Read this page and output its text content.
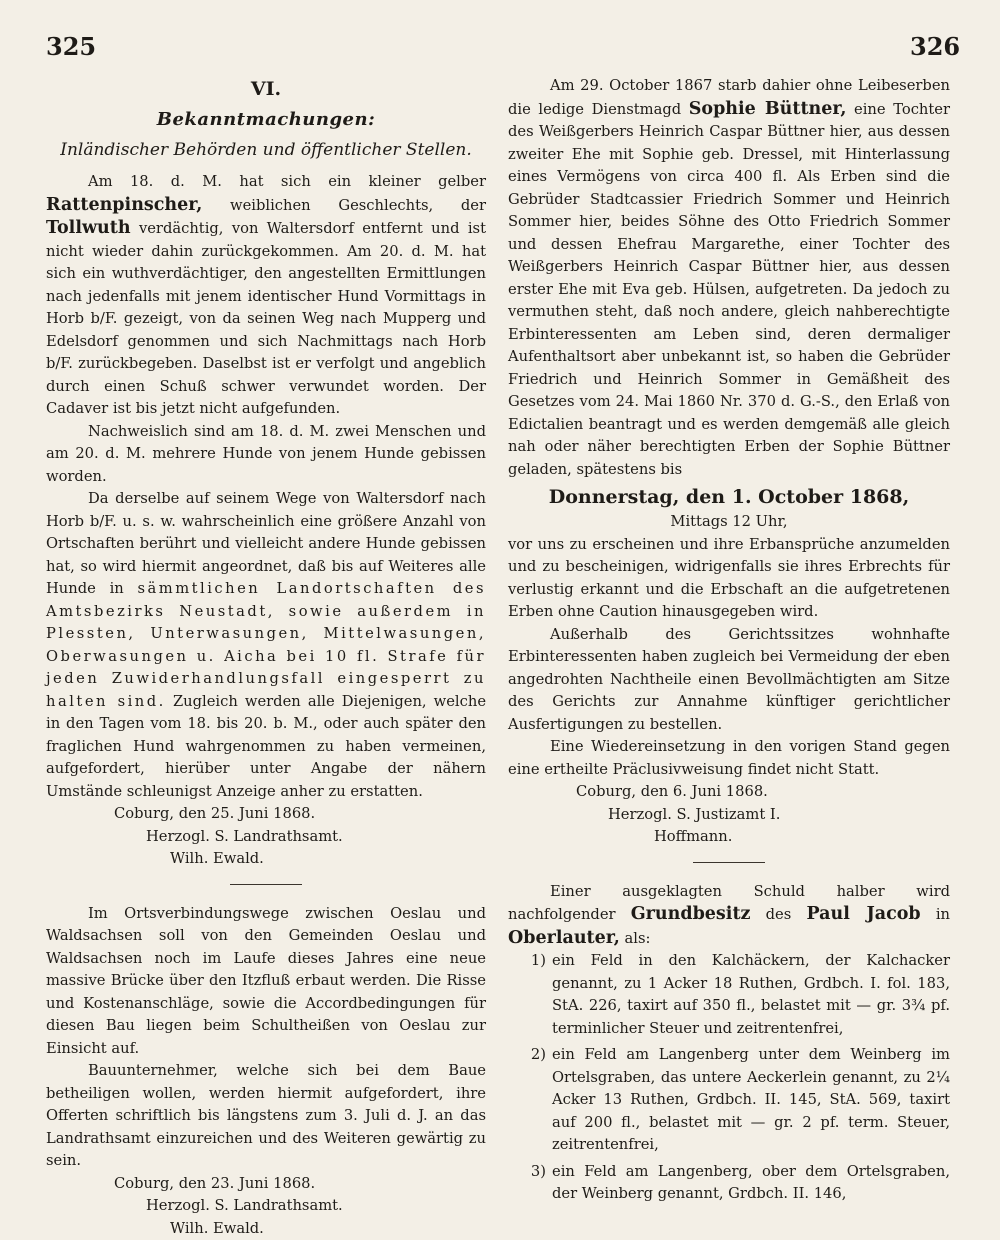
325	326
VI.
Bekanntmachungen:
Inländischer Behörden und öffentlicher Stellen.

Am 18. d. M. hat sich ein kleiner gelber Rattenpinscher, weiblichen Geschlechts, der Tollwuth verdächtig, von Waltersdorf entfernt und ist nicht wieder dahin zurückgekommen. Am 20. d. M. hat sich ein wuthverdächtiger, den angestellten Ermittlungen nach jedenfalls mit jenem identischer Hund Vormittags in Horb b/F. gezeigt, von da seinen Weg nach Mupperg und Edelsdorf genommen und sich Nachmittags nach Horb b/F. zurückbegeben. Daselbst ist er verfolgt und angeblich durch einen Schuß schwer verwundet worden. Der Cadaver ist bis jetzt nicht aufgefunden.

Nachweislich sind am 18. d. M. zwei Menschen und am 20. d. M. mehrere Hunde von jenem Hunde gebissen worden.

Da derselbe auf seinem Wege von Waltersdorf nach Horb b/F. u. s. w. wahrscheinlich eine größere Anzahl von Ortschaften berührt und vielleicht andere Hunde gebissen hat, so wird hiermit angeordnet, daß bis auf Weiteres alle Hunde in sämmtlichen Landortschaften des Amtsbezirks Neustadt, sowie außerdem in Plessten, Unterwasungen, Mittelwasungen, Oberwasungen u. Aicha bei 10 fl. Strafe für jeden Zuwiderhandlungsfall eingesperrt zu halten sind. Zugleich werden alle Diejenigen, welche in den Tagen vom 18. bis 20. b. M., oder auch später den fraglichen Hund wahrgenommen zu haben vermeinen, aufgefordert, hierüber unter Angabe der nähern Umstände schleunigst Anzeige anher zu erstatten.

Coburg, den 25. Juni 1868.
Herzogl. S. Landrathsamt.
Wilh. Ewald.

Im Ortsverbindungswege zwischen Oeslau und Waldsachsen soll von den Gemeinden Oeslau und Waldsachsen noch im Laufe dieses Jahres eine neue massive Brücke über den Itzfluß erbaut werden. Die Risse und Kostenanschläge, sowie die Accordbedingungen für diesen Bau liegen beim Schultheißen von Oeslau zur Einsicht auf.

Bauunternehmer, welche sich bei dem Baue betheiligen wollen, werden hiermit aufgefordert, ihre Offerten schriftlich bis längstens zum 3. Juli d. J. an das Landrathsamt einzureichen und des Weiteren gewärtig zu sein.

Coburg, den 23. Juni 1868.
Herzogl. S. Landrathsamt.
Wilh. Ewald.

Am 29. October 1867 starb dahier ohne Leibeserben die ledige Dienstmagd Sophie Büttner, eine Tochter des Weißgerbers Heinrich Caspar Büttner hier, aus dessen zweiter Ehe mit Sophie geb. Dressel, mit Hinterlassung eines Vermögens von circa 400 fl. Als Erben sind die Gebrüder Stadtcassier Friedrich Sommer und Heinrich Sommer hier, beides Söhne des Otto Friedrich Sommer und dessen Ehefrau Margarethe, einer Tochter des Weißgerbers Heinrich Caspar Büttner hier, aus dessen erster Ehe mit Eva geb. Hülsen, aufgetreten. Da jedoch zu vermuthen steht, daß noch andere, gleich nahberechtigte Erbinteressenten am Leben sind, deren dermaliger Aufenthaltsort aber unbekannt ist, so haben die Gebrüder Friedrich und Heinrich Sommer in Gemäßheit des Gesetzes vom 24. Mai 1860 Nr. 370 d. G.-S., den Erlaß von Edictalien beantragt und es werden demgemäß alle gleich nah oder näher berechtigten Erben der Sophie Büttner geladen, spätestens bis

Donnerstag, den 1. October 1868,
Mittags 12 Uhr,

vor uns zu erscheinen und ihre Erbansprüche anzumelden und zu bescheinigen, widrigenfalls sie ihres Erbrechts für verlustig erkannt und die Erbschaft an die aufgetretenen Erben ohne Caution hinausgegeben wird.

Außerhalb des Gerichtssitzes wohnhafte Erbinteressenten haben zugleich bei Vermeidung der eben angedrohten Nachtheile einen Bevollmächtigten am Sitze des Gerichts zur Annahme künftiger gerichtlicher Ausfertigungen zu bestellen.

Eine Wiedereinsetzung in den vorigen Stand gegen eine ertheilte Präclusivweisung findet nicht Statt.

Coburg, den 6. Juni 1868.
Herzogl. S. Justizamt I.
Hoffmann.

Einer ausgeklagten Schuld halber wird nachfolgender Grundbesitz des Paul Jacob in Oberlauter, als:

1) ein Feld in den Kalchäckern, der Kalchacker genannt, zu 1 Acker 18 Ruthen, Grdbch. I. fol. 183, StA. 226, taxirt auf 350 fl., belastet mit — gr. 3¾ pf. terminlicher Steuer und zeitrentenfrei,
2) ein Feld am Langenberg unter dem Weinberg im Ortelsgraben, das untere Aeckerlein genannt, zu 2¼ Acker 13 Ruthen, Grdbch. II. 145, StA. 569, taxirt auf 200 fl., belastet mit — gr. 2 pf. term. Steuer, zeitrentenfrei,
3) ein Feld am Langenberg, ober dem Ortelsgraben, der Weinberg genannt, Grdbch. II. 146,
